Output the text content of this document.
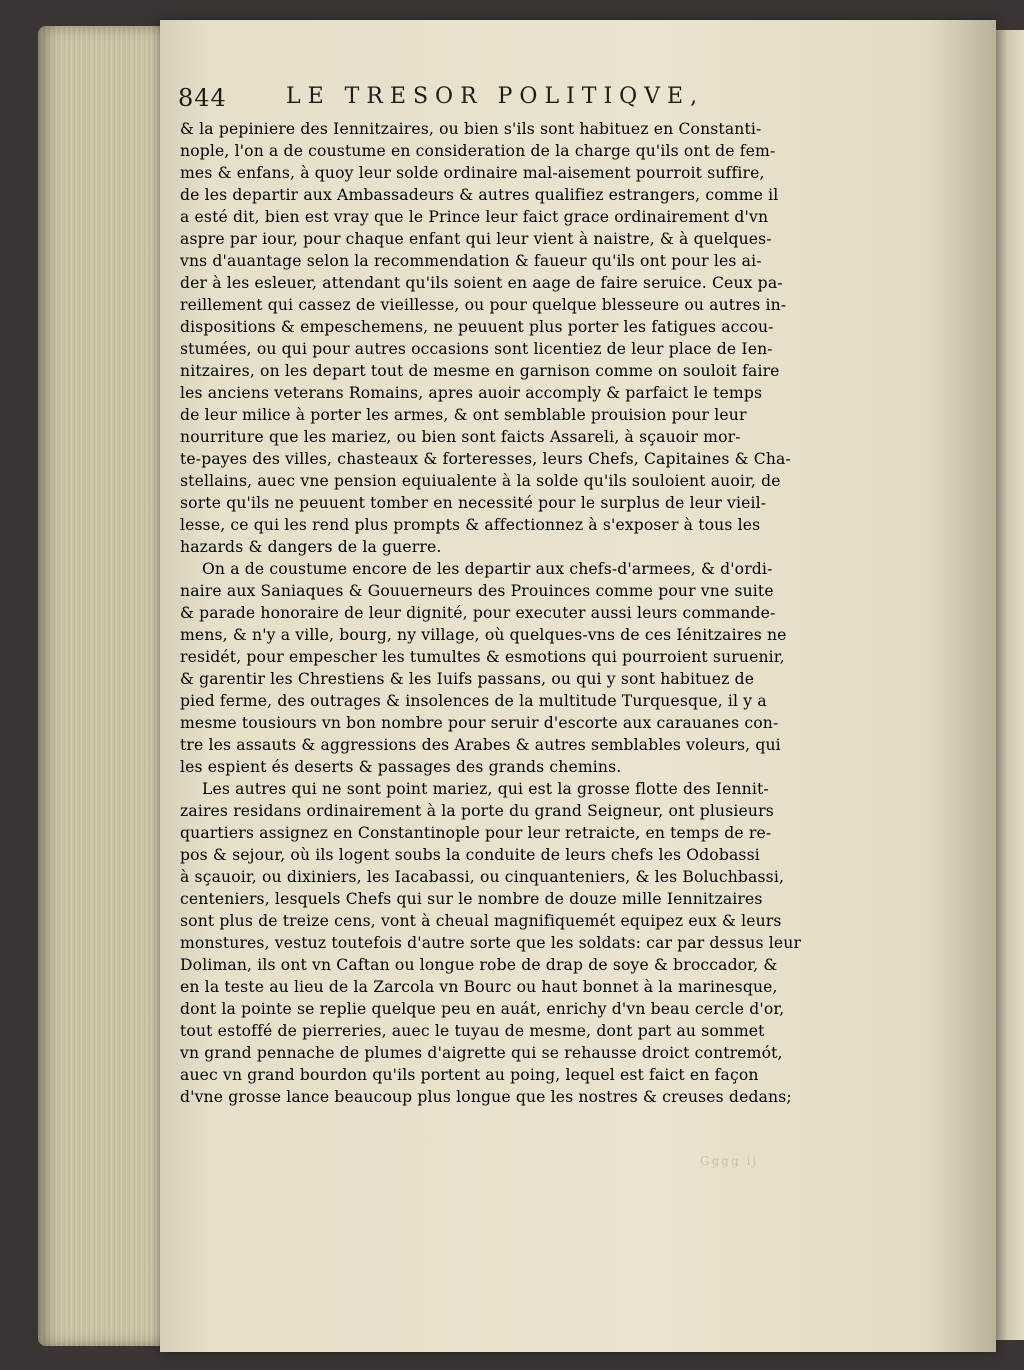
844	LE TRESOR POLITIQVE,
& la pepiniere des Iennitzaires, ou bien s'ils sont habituez en Constanti-
nople, l'on a de coustume en consideration de la charge qu'ils ont de fem-
mes & enfans, à quoy leur solde ordinaire mal-aisement pourroit suffire,
de les departir aux Ambassadeurs & autres qualifiez estrangers, comme il
a esté dit, bien est vray que le Prince leur faict grace ordinairement d'vn
aspre par iour, pour chaque enfant qui leur vient à naistre, & à quelques-
vns d'auantage selon la recommendation & faueur qu'ils ont pour les ai-
der à les esleuer, attendant qu'ils soient en aage de faire seruice. Ceux pa-
reillement qui cassez de vieillesse, ou pour quelque blesseure ou autres in-
dispositions & empeschemens, ne peuuent plus porter les fatigues accou-
stumées, ou qui pour autres occasions sont licentiez de leur place de Ien-
nitzaires, on les depart tout de mesme en garnison comme on souloit faire
les anciens veterans Romains, apres auoir accomply & parfaict le temps
de leur milice à porter les armes, & ont semblable prouision pour leur
nourriture que les mariez, ou bien sont faicts Assareli, à sçauoir mor-
te-payes des villes, chasteaux & forteresses, leurs Chefs, Capitaines & Cha-
stellains, auec vne pension equiualente à la solde qu'ils souloient auoir, de
sorte qu'ils ne peuuent tomber en necessité pour le surplus de leur vieil-
lesse, ce qui les rend plus prompts & affectionnez à s'exposer à tous les
hazards & dangers de la guerre.
On a de coustume encore de les departir aux chefs-d'armees, & d'ordi-
naire aux Saniaques & Gouuerneurs des Prouinces comme pour vne suite
& parade honoraire de leur dignité, pour executer aussi leurs commande-
mens, & n'y a ville, bourg, ny village, où quelques-vns de ces Iénitzaires ne
residét, pour empescher les tumultes & esmotions qui pourroient suruenir,
& garentir les Chrestiens & les Iuifs passans, ou qui y sont habituez de
pied ferme, des outrages & insolences de la multitude Turquesque, il y a
mesme tousiours vn bon nombre pour seruir d'escorte aux carauanes con-
tre les assauts & aggressions des Arabes & autres semblables voleurs, qui
les espient és deserts & passages des grands chemins.
Les autres qui ne sont point mariez, qui est la grosse flotte des Iennit-
zaires residans ordinairement à la porte du grand Seigneur, ont plusieurs
quartiers assignez en Constantinople pour leur retraicte, en temps de re-
pos & sejour, où ils logent soubs la conduite de leurs chefs les Odobassi
à sçauoir, ou dixiniers, les Iacabassi, ou cinquanteniers, & les Boluchbassi,
centeniers, lesquels Chefs qui sur le nombre de douze mille Iennitzaires
sont plus de treize cens, vont à cheual magnifiquemét equipez eux & leurs
monstures, vestuz toutefois d'autre sorte que les soldats: car par dessus leur
Doliman, ils ont vn Caftan ou longue robe de drap de soye & broccador, &
en la teste au lieu de la Zarcola vn Bourc ou haut bonnet à la marinesque,
dont la pointe se replie quelque peu en auát, enrichy d'vn beau cercle d'or,
tout estoffé de pierreries, auec le tuyau de mesme, dont part au sommet
vn grand pennache de plumes d'aigrette qui se rehausse droict contremót,
auec vn grand bourdon qu'ils portent au poing, lequel est faict en façon
d'vne grosse lance beaucoup plus longue que les nostres & creuses dedans;
Gggg ij
